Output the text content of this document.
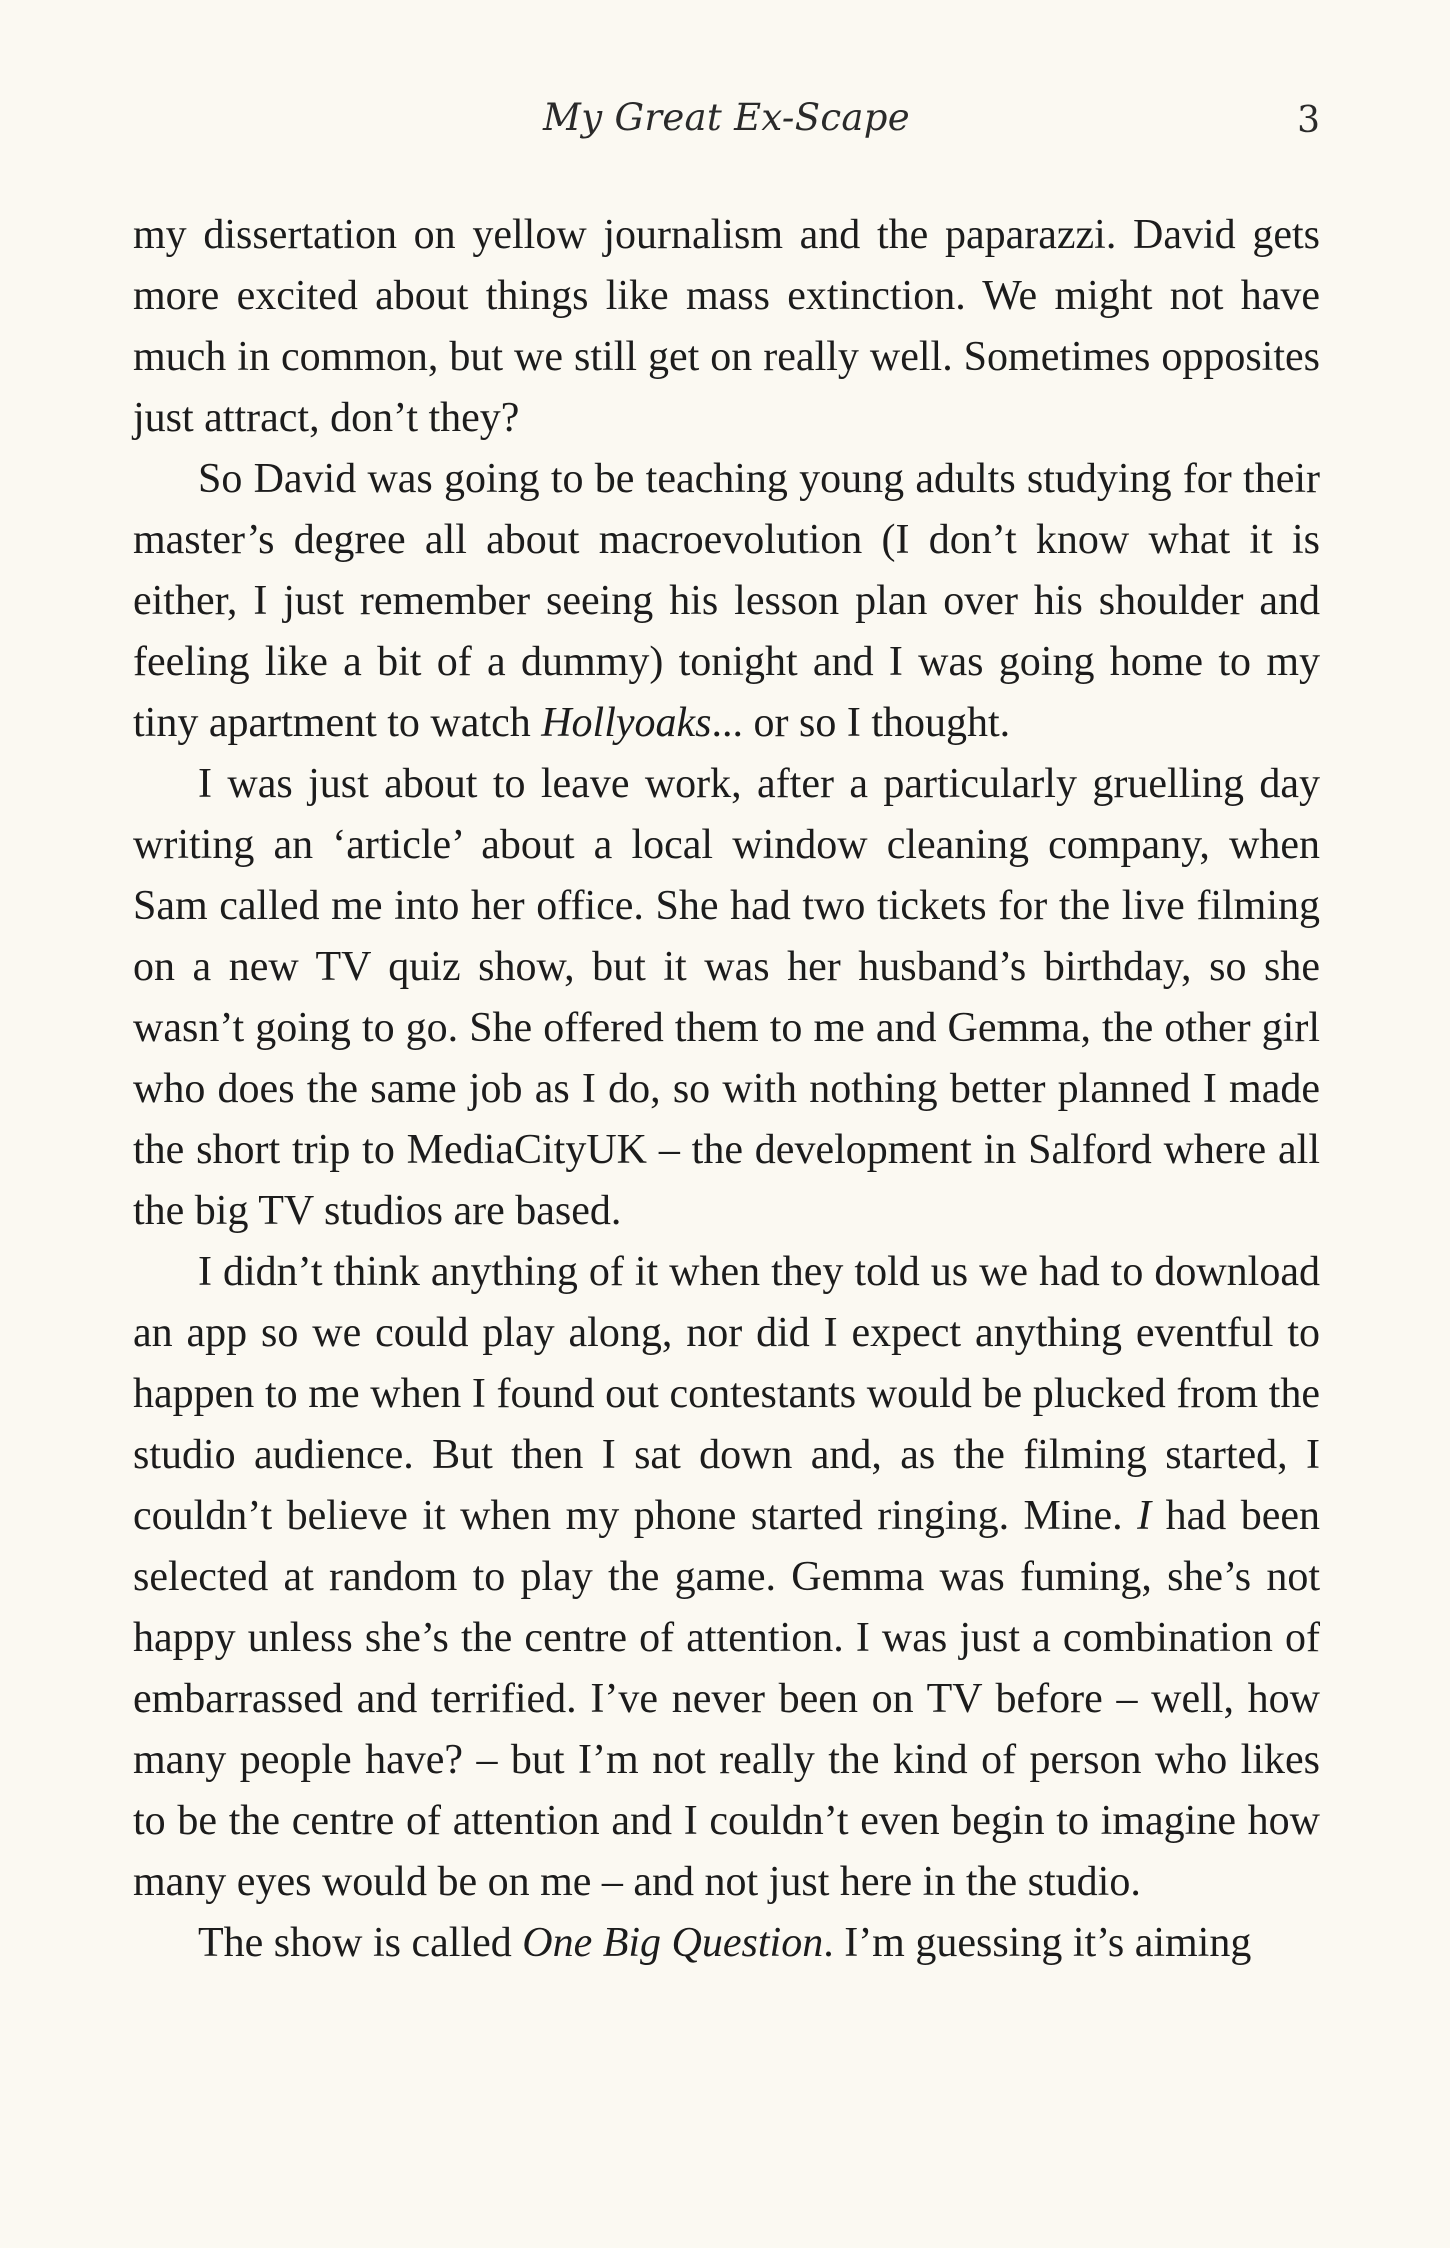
My Great Ex-Scape	3

my dissertation on yellow journalism and the paparazzi. David gets more excited about things like mass extinction. We might not have much in common, but we still get on really well. Sometimes opposites just attract, don’t they?

So David was going to be teaching young adults studying for their master’s degree all about macroevolution (I don’t know what it is either, I just remember seeing his lesson plan over his shoulder and feeling like a bit of a dummy) tonight and I was going home to my tiny apartment to watch Hollyoaks... or so I thought.

I was just about to leave work, after a particularly gruelling day writing an ‘article’ about a local window cleaning company, when Sam called me into her office. She had two tickets for the live filming on a new TV quiz show, but it was her husband’s birthday, so she wasn’t going to go. She offered them to me and Gemma, the other girl who does the same job as I do, so with nothing better planned I made the short trip to MediaCityUK – the development in Salford where all the big TV studios are based.

I didn’t think anything of it when they told us we had to download an app so we could play along, nor did I expect anything eventful to happen to me when I found out contestants would be plucked from the studio audience. But then I sat down and, as the filming started, I couldn’t believe it when my phone started ringing. Mine. I had been selected at random to play the game. Gemma was fuming, she’s not happy unless she’s the centre of attention. I was just a combination of embarrassed and terrified. I’ve never been on TV before – well, how many people have? – but I’m not really the kind of person who likes to be the centre of attention and I couldn’t even begin to imagine how many eyes would be on me – and not just here in the studio.

The show is called One Big Question. I’m guessing it’s aiming
